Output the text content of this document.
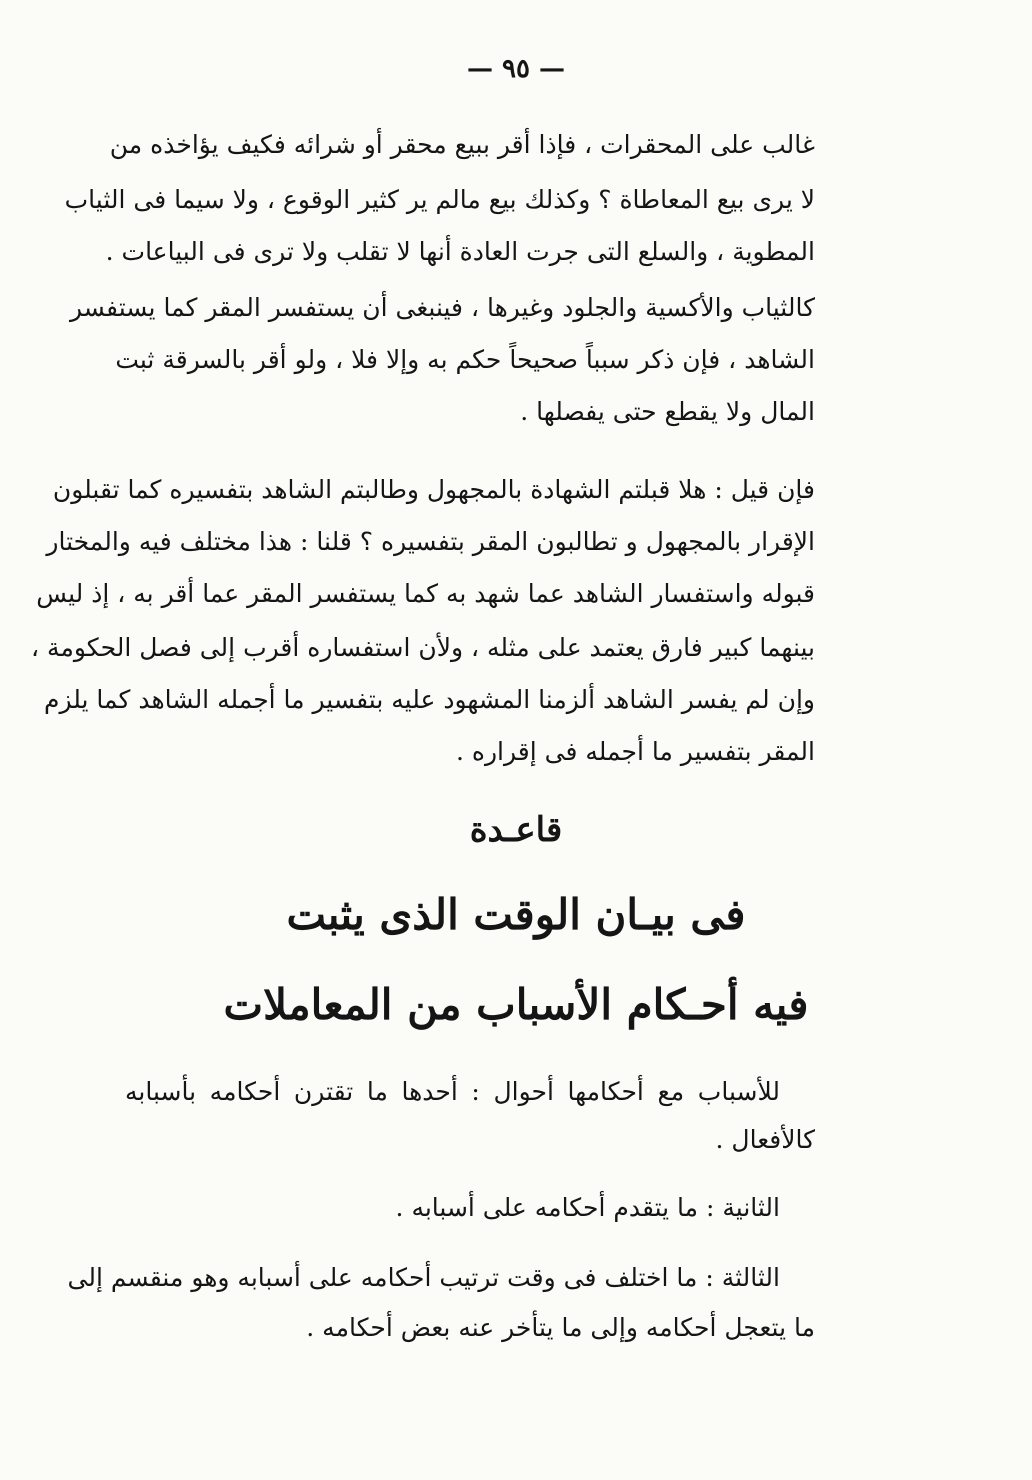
— ٩٥ —
غالب على المحقرات ، فإذا أقر ببيع محقر أو شرائه فكيف يؤاخذه من
لا يرى بيع المعاطاة ؟ وكذلك بيع مالم ير كثير الوقوع ، ولا سيما فى الثياب
المطوية ، والسلع التى جرت العادة أنها لا تقلب ولا ترى فى البياعات .
كالثياب والأكسية والجلود وغيرها ، فينبغى أن يستفسر المقر كما يستفسر
الشاهد ، فإن ذكر سبباً صحيحاً حكم به وإلا فلا ، ولو أقر بالسرقة ثبت
المال ولا يقطع حتى يفصلها .
فإن قيل : هلا قبلتم الشهادة بالمجهول وطالبتم الشاهد بتفسيره كما تقبلون
الإقرار بالمجهول و تطالبون المقر بتفسيره ؟ قلنا : هذا مختلف فيه والمختار
قبوله واستفسار الشاهد عما شهد به كما يستفسر المقر عما أقر به ، إذ ليس
بينهما كبير فارق يعتمد على مثله ، ولأن استفساره أقرب إلى فصل الحكومة ،
وإن لم يفسر الشاهد ألزمنا المشهود عليه بتفسير ما أجمله الشاهد كما يلزم
المقر بتفسير ما أجمله فى إقراره .
قاعـدة
فى بيـان الوقت الذى يثبت
فيه أحـكام الأسباب من المعاملات
للأسباب مع أحكامها أحوال : أحدها ما تقترن أحكامه بأسبابه
كالأفعال .
الثانية : ما يتقدم أحكامه على أسبابه .
الثالثة : ما اختلف فى وقت ترتيب أحكامه على أسبابه وهو منقسم إلى
ما يتعجل أحكامه وإلى ما يتأخر عنه بعض أحكامه .
